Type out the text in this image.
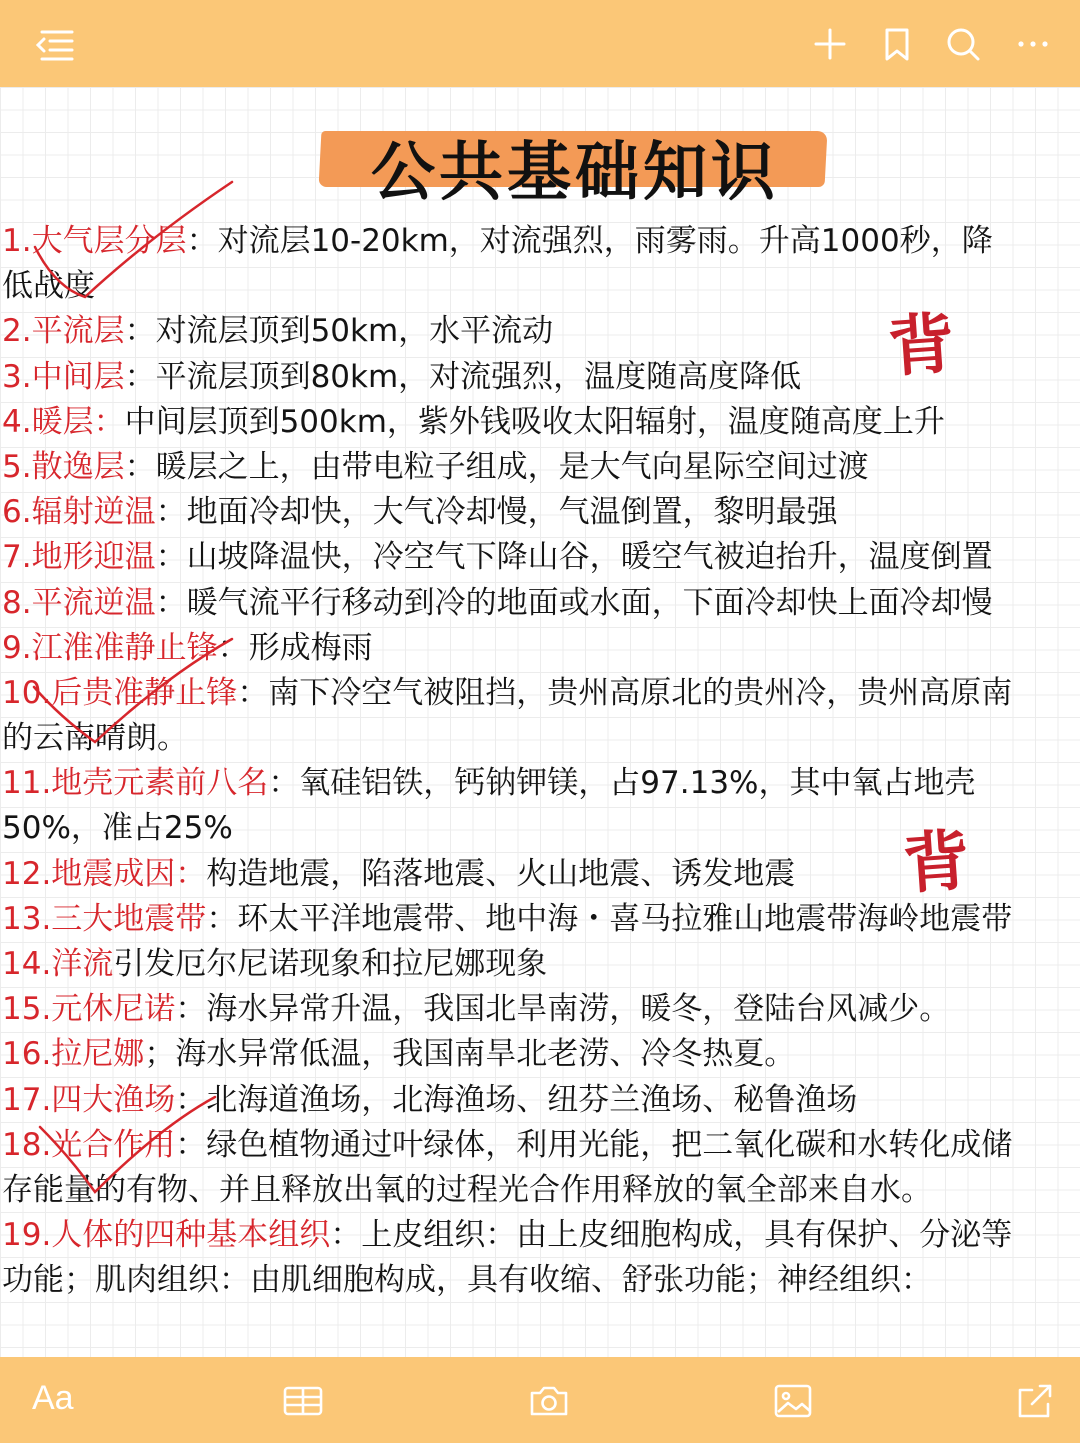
公共基础知识
1.大气层分层：对流层10-20km，对流强烈，雨雾雨。升高1000秒，降
低战度
2.平流层：对流层顶到50km，水平流动
3.中间层：平流层顶到80km，对流强烈，温度随高度降低
4.暖层：中间层顶到500km，紫外钱吸收太阳辐射，温度随高度上升
5.散逸层：暖层之上，由带电粒子组成，是大气向星际空间过渡
6.辐射逆温：地面冷却快，大气冷却慢，气温倒置，黎明最强
7.地形迎温：山坡降温快，冷空气下降山谷，暖空气被迫抬升，温度倒置
8.平流逆温：暖气流平行移动到冷的地面或水面，下面冷却快上面冷却慢
9.江淮准静止锋：形成梅雨
10.后贵准静止锋：南下冷空气被阻挡，贵州高原北的贵州冷，贵州高原南
的云南晴朗。
11.地壳元素前八名：氧硅铝铁，钙钠钾镁，占97.13%，其中氧占地壳
50%，准占25%
12.地震成因：构造地震，陷落地震、火山地震、诱发地震
13.三大地震带：环太平洋地震带、地中海・喜马拉雅山地震带海岭地震带
14.洋流引发厄尔尼诺现象和拉尼娜现象
15.元休尼诺：海水异常升温，我国北旱南涝，暖冬，登陆台风减少。
16.拉尼娜；海水异常低温，我国南旱北老涝、冷冬热夏。
17.四大渔场：北海道渔场，北海渔场、纽芬兰渔场、秘鲁渔场
18.光合作用：绿色植物通过叶绿体，利用光能，把二氧化碳和水转化成储
存能量的有物、并且释放出氧的过程光合作用释放的氧全部来自水。
19.人体的四种基本组织：上皮组织：由上皮细胞构成，具有保护、分泌等
功能；肌肉组织：由肌细胞构成，具有收缩、舒张功能；神经组织：
背
背
Aa
